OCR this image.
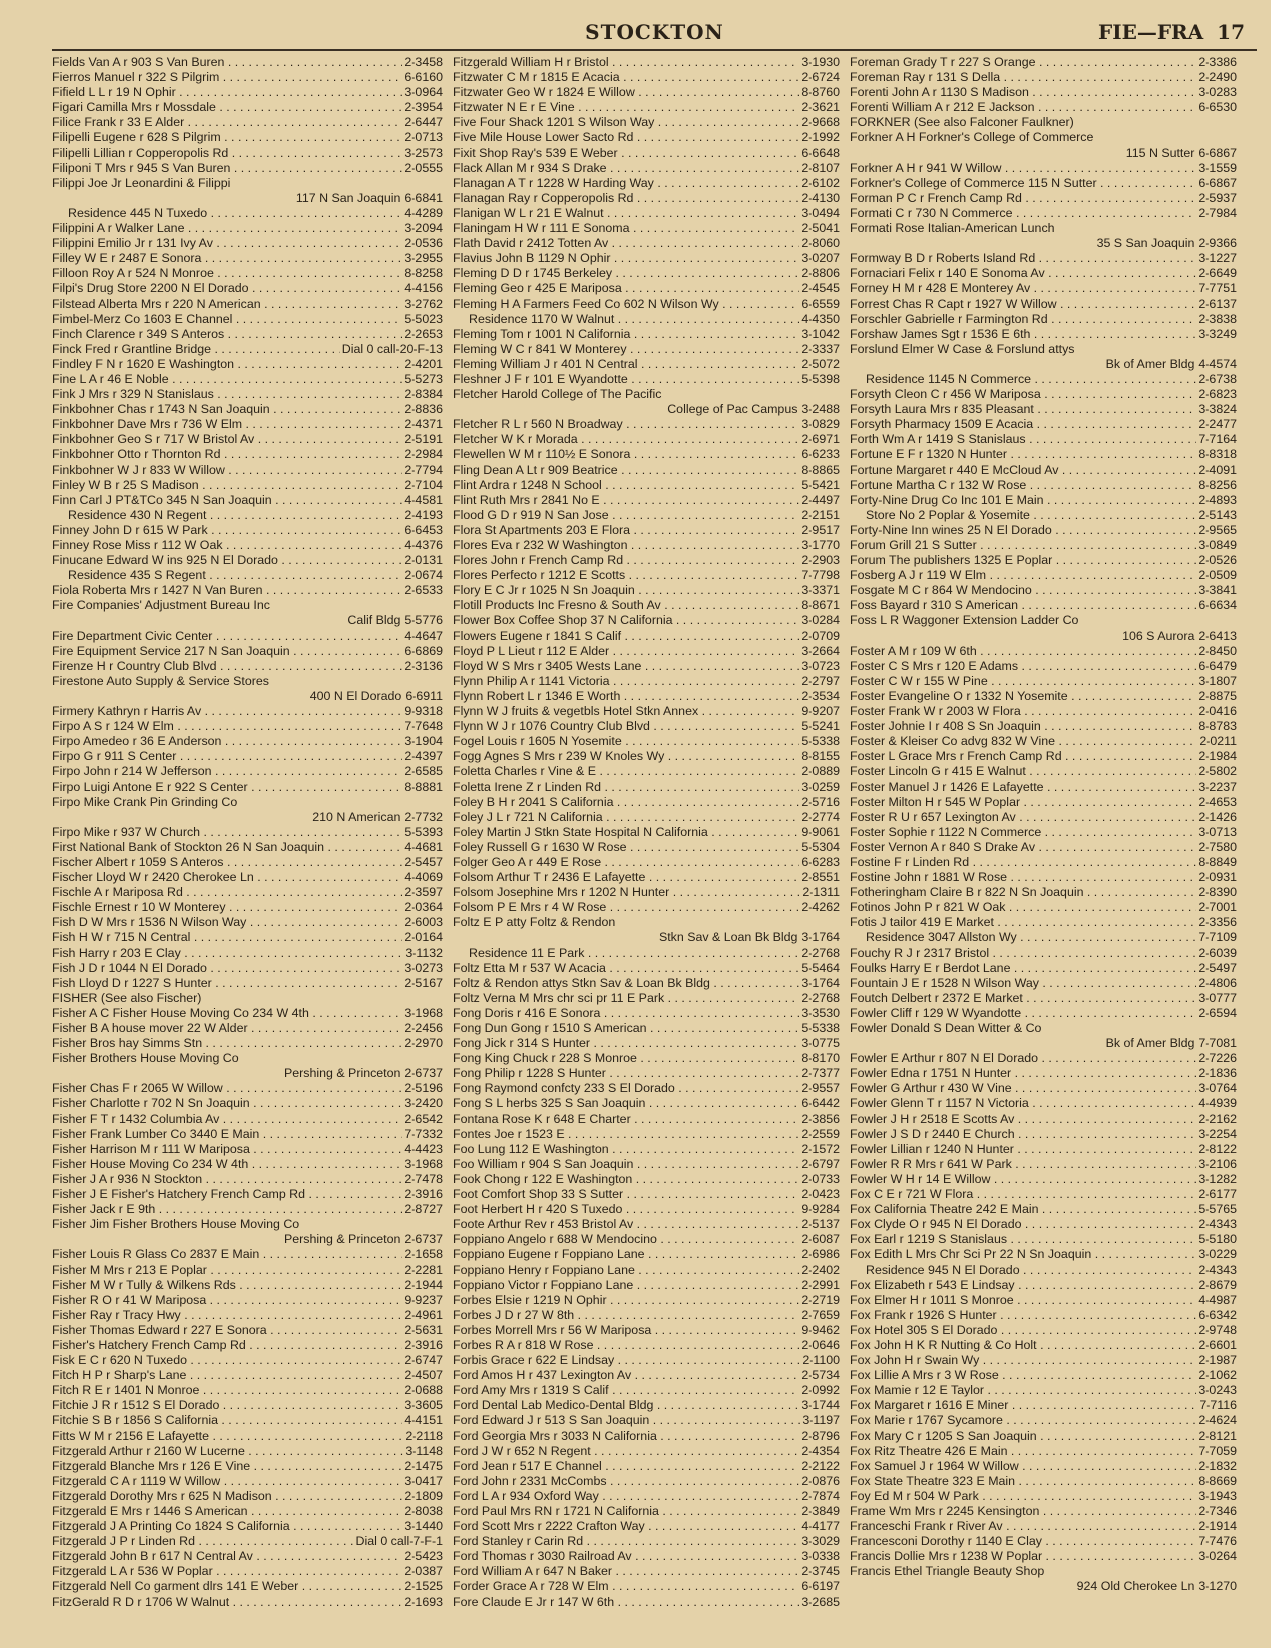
STOCKTON	FIE—FRA 17
Fields Van A r 903 S Van Buren . . .	2-3458
Fierros Manuel r 322 S Pilgrim . . .	6-6160
Fifield L L r 19 N Ophir . . .	3-0964
Figari Camilla Mrs r Mossdale . . .	2-3954
Filice Frank r 33 E Alder . . .	2-6447
Filipelli Eugene r 628 S Pilgrim . . .	2-0713
Filipelli Lillian r Copperopolis Rd . . .	3-2573
Filiponi T Mrs r 945 S Van Buren . . .	2-0555
Filippi Joe Jr Leonardini & Filippi
117 N San Joaquin 6-6841
Residence 445 N Tuxedo . . .	4-4289
Filippini A r Walker Lane . . .	3-2094
Filippini Emilio Jr r 131 Ivy Av . . .	2-0536
Filley W E r 2487 E Sonora . . .	3-2955
Filloon Roy A r 524 N Monroe . . .	8-8258
Filpi's Drug Store 2200 N El Dorado . . .	4-4156
Filstead Alberta Mrs r 220 N American . . .	3-2762
Fimbel-Merz Co 1603 E Channel . . .	5-5023
Finch Clarence r 349 S Anteros . . .	2-2653
Finck Fred r Grantline Bridge . . .	Dial 0 call-20-F-13
Findley F N r 1620 E Washington . . .	2-4201
Fine L A r 46 E Noble . . .	5-5273
Fink J Mrs r 329 N Stanislaus . . .	2-8384
Finkbohner Chas r 1743 N San Joaquin . . .	2-8836
Finkbohner Dave Mrs r 736 W Elm . . .	2-4371
Finkbohner Geo S r 717 W Bristol Av . . .	2-5191
Finkbohner Otto r Thornton Rd . . .	2-2984
Finkbohner W J r 833 W Willow . . .	2-7794
Finley W B r 25 S Madison . . .	2-7104
Finn Carl J PT&TCo 345 N San Joaquin . . .	4-4581
Residence 430 N Regent . . .	2-4193
Finney John D r 615 W Park . . .	6-6453
Finney Rose Miss r 112 W Oak . . .	4-4376
Finucane Edward W ins 925 N El Dorado . . .	2-0131
Residence 435 S Regent . . .	2-0674
Fiola Roberta Mrs r 1427 N Van Buren . . .	2-6533
Fire Companies' Adjustment Bureau Inc
Calif Bldg 5-5776
Fire Department Civic Center . . .	4-4647
Fire Equipment Service 217 N San Joaquin . . .	6-6869
Firenze H r Country Club Blvd . . .	2-3136
Firestone Auto Supply & Service Stores
400 N El Dorado 6-6911
Firmery Kathryn r Harris Av . . .	9-9318
Firpo A S r 124 W Elm . . .	7-7648
Firpo Amedeo r 36 E Anderson . . .	3-1904
Firpo G r 911 S Center . . .	2-4397
Firpo John r 214 W Jefferson . . .	2-6585
Firpo Luigi Antone E r 922 S Center . . .	8-8881
Firpo Mike Crank Pin Grinding Co
210 N American 2-7732
Firpo Mike r 937 W Church . . .	5-5393
First National Bank of Stockton 26 N San Joaquin . . .	4-4681
Fischer Albert r 1059 S Anteros . . .	2-5457
Fischer Lloyd W r 2420 Cherokee Ln . . .	4-4069
Fischle A r Mariposa Rd . . .	2-3597
Fischle Ernest r 10 W Monterey . . .	2-0364
Fish D W Mrs r 1536 N Wilson Way . . .	2-6003
Fish H W r 715 N Central . . .	2-0164
Fish Harry r 203 E Clay . . .	3-1132
Fish J D r 1044 N El Dorado . . .	3-0273
Fish Lloyd D r 1227 S Hunter . . .	2-5167
FISHER (See also Fischer)
Fisher A C Fisher House Moving Co 234 W 4th . . .	3-1968
Fisher B A house mover 22 W Alder . . .	2-2456
Fisher Bros hay Simms Stn . . .	2-2970
Fisher Brothers House Moving Co
Pershing & Princeton 2-6737
Fisher Chas F r 2065 W Willow . . .	2-5196
Fisher Charlotte r 702 N Sn Joaquin . . .	3-2420
Fisher F T r 1432 Columbia Av . . .	2-6542
Fisher Frank Lumber Co 3440 E Main . . .	7-7332
Fisher Harrison M r 111 W Mariposa . . .	4-4423
Fisher House Moving Co 234 W 4th . . .	3-1968
Fisher J A r 936 N Stockton . . .	2-7478
Fisher J E Fisher's Hatchery French Camp Rd . . .	2-3916
Fisher Jack r E 9th . . .	2-8727
Fisher Jim Fisher Brothers House Moving Co
Pershing & Princeton 2-6737
Fisher Louis R Glass Co 2837 E Main . . .	2-1658
Fisher M Mrs r 213 E Poplar . . .	2-2281
Fisher M W r Tully & Wilkens Rds . . .	2-1944
Fisher R O r 41 W Mariposa . . .	9-9237
Fisher Ray r Tracy Hwy . . .	2-4961
Fisher Thomas Edward r 227 E Sonora . . .	2-5631
Fisher's Hatchery French Camp Rd . . .	2-3916
Fisk E C r 620 N Tuxedo . . .	2-6747
Fitch H P r Sharp's Lane . . .	2-4507
Fitch R E r 1401 N Monroe . . .	2-0688
Fitchie J R r 1512 S El Dorado . . .	3-3605
Fitchie S B r 1856 S California . . .	4-4151
Fitts W M r 2156 E Lafayette . . .	2-2118
Fitzgerald Arthur r 2160 W Lucerne . . .	3-1148
Fitzgerald Blanche Mrs r 126 E Vine . . .	2-1475
Fitzgerald C A r 1119 W Willow . . .	3-0417
Fitzgerald Dorothy Mrs r 625 N Madison . . .	2-1809
Fitzgerald E Mrs r 1446 S American . . .	2-8038
Fitzgerald J A Printing Co 1824 S California . . .	3-1440
Fitzgerald J P r Linden Rd . . .	Dial 0 call-7-F-1
Fitzgerald John B r 617 N Central Av . . .	2-5423
Fitzgerald L A r 536 W Poplar . . .	2-0387
Fitzgerald Nell Co garment dlrs 141 E Weber . . .	2-1525
FitzGerald R D r 1706 W Walnut . . .	2-1693
Fitzgerald William H r Bristol . . .	3-1930
Fitzwater C M r 1815 E Acacia . . .	2-6724
Fitzwater Geo W r 1824 E Willow . . .	8-8760
Fitzwater N E r E Vine . . .	2-3621
Five Four Shack 1201 S Wilson Way . . .	2-9668
Five Mile House Lower Sacto Rd . . .	2-1992
Fixit Shop Ray's 539 E Weber . . .	6-6648
Flack Allan M r 934 S Drake . . .	2-8107
Flanagan A T r 1228 W Harding Way . . .	2-6102
Flanagan Ray r Copperopolis Rd . . .	2-4130
Flanigan W L r 21 E Walnut . . .	3-0494
Flaningam H W r 111 E Sonoma . . .	2-5041
Flath David r 2412 Totten Av . . .	2-8060
Flavius John B 1129 N Ophir . . .	3-0207
Fleming D D r 1745 Berkeley . . .	2-8806
Fleming Geo r 425 E Mariposa . . .	2-4545
Fleming H A Farmers Feed Co 602 N Wilson Wy . . .	6-6559
Residence 1170 W Walnut . . .	4-4350
Fleming Tom r 1001 N California . . .	3-1042
Fleming W C r 841 W Monterey . . .	2-3337
Fleming William J r 401 N Central . . .	2-5072
Fleshner J F r 101 E Wyandotte . . .	5-5398
Fletcher Harold College of The Pacific
College of Pac Campus 3-2488
Fletcher R L r 560 N Broadway . . .	3-0829
Fletcher W K r Morada . . .	2-6971
Flewellen W M r 110½ E Sonora . . .	6-6233
Fling Dean A Lt r 909 Beatrice . . .	8-8865
Flint Ardra r 1248 N School . . .	5-5421
Flint Ruth Mrs r 2841 No E . . .	2-4497
Flood G D r 919 N San Jose . . .	2-2151
Flora St Apartments 203 E Flora . . .	2-9517
Flores Eva r 232 W Washington . . .	3-1770
Flores John r French Camp Rd . . .	2-2903
Flores Perfecto r 1212 E Scotts . . .	7-7798
Flory E C Jr r 1025 N Sn Joaquin . . .	3-3371
Flotill Products Inc Fresno & South Av . . .	8-8671
Flower Box Coffee Shop 37 N California . . .	3-0284
Flowers Eugene r 1841 S Calif . . .	2-0709
Floyd P L Lieut r 112 E Alder . . .	3-2664
Floyd W S Mrs r 3405 Wests Lane . . .	3-0723
Flynn Philip A r 1141 Victoria . . .	2-2797
Flynn Robert L r 1346 E Worth . . .	2-3534
Flynn W J fruits & vegetbls Hotel Stkn Annex . . .	9-9207
Flynn W J r 1076 Country Club Blvd . . .	5-5241
Fogel Louis r 1605 N Yosemite . . .	5-5338
Fogg Agnes S Mrs r 239 W Knoles Wy . . .	8-8155
Foletta Charles r Vine & E . . .	2-0889
Foletta Irene Z r Linden Rd . . .	3-0259
Foley B H r 2041 S California . . .	2-5716
Foley J L r 721 N California . . .	2-2774
Foley Martin J Stkn State Hospital N California . . .	9-9061
Foley Russell G r 1630 W Rose . . .	5-5304
Folger Geo A r 449 E Rose . . .	6-6283
Folsom Arthur T r 2436 E Lafayette . . .	2-8551
Folsom Josephine Mrs r 1202 N Hunter . . .	2-1311
Folsom P E Mrs r 4 W Rose . . .	2-4262
Foltz E P atty Foltz & Rendon
Stkn Sav & Loan Bk Bldg 3-1764
Residence 11 E Park . . .	2-2768
Foltz Etta M r 537 W Acacia . . .	5-5464
Foltz & Rendon attys Stkn Sav & Loan Bk Bldg . . .	3-1764
Foltz Verna M Mrs chr sci pr 11 E Park . . .	2-2768
Fong Doris r 416 E Sonora . . .	3-3530
Fong Dun Gong r 1510 S American . . .	5-5338
Fong Jick r 314 S Hunter . . .	3-0775
Fong King Chuck r 228 S Monroe . . .	8-8170
Fong Philip r 1228 S Hunter . . .	2-7377
Fong Raymond confcty 233 S El Dorado . . .	2-9557
Fong S L herbs 325 S San Joaquin . . .	6-6442
Fontana Rose K r 648 E Charter . . .	2-3856
Fontes Joe r 1523 E . . .	2-2559
Foo Lung 112 E Washington . . .	2-1572
Foo William r 904 S San Joaquin . . .	2-6797
Fook Chong r 122 E Washington . . .	2-0733
Foot Comfort Shop 33 S Sutter . . .	2-0423
Foot Herbert H r 420 S Tuxedo . . .	9-9284
Foote Arthur Rev r 453 Bristol Av . . .	2-5137
Foppiano Angelo r 688 W Mendocino . . .	2-6087
Foppiano Eugene r Foppiano Lane . . .	2-6986
Foppiano Henry r Foppiano Lane . . .	2-2402
Foppiano Victor r Foppiano Lane . . .	2-2991
Forbes Elsie r 1219 N Ophir . . .	2-2719
Forbes J D r 27 W 8th . . .	2-7659
Forbes Morrell Mrs r 56 W Mariposa . . .	9-9462
Forbes R A r 818 W Rose . . .	2-0646
Forbis Grace r 622 E Lindsay . . .	2-1100
Ford Amos H r 437 Lexington Av . . .	2-5734
Ford Amy Mrs r 1319 S Calif . . .	2-0992
Ford Dental Lab Medico-Dental Bldg . . .	3-1744
Ford Edward J r 513 S San Joaquin . . .	3-1197
Ford Georgia Mrs r 3033 N California . . .	2-8796
Ford J W r 652 N Regent . . .	2-4354
Ford Jean r 517 E Channel . . .	2-2122
Ford John r 2331 McCombs . . .	2-0876
Ford L A r 934 Oxford Way . . .	2-7874
Ford Paul Mrs RN r 1721 N California . . .	2-3849
Ford Scott Mrs r 2222 Crafton Way . . .	4-4177
Ford Stanley r Carin Rd . . .	3-3029
Ford Thomas r 3030 Railroad Av . . .	3-0338
Ford William A r 647 N Baker . . .	2-3745
Forder Grace A r 728 W Elm . . .	6-6197
Fore Claude E Jr r 147 W 6th . . .	3-2685
Foreman Grady T r 227 S Orange . . .	2-3386
Foreman Ray r 131 S Della . . .	2-2490
Forenti John A r 1130 S Madison . . .	3-0283
Forenti William A r 212 E Jackson . . .	6-6530
FORKNER (See also Falconer Faulkner)
Forkner A H Forkner's College of Commerce
115 N Sutter 6-6867
Forkner A H r 941 W Willow . . .	3-1559
Forkner's College of Commerce 115 N Sutter . . .	6-6867
Forman P C r French Camp Rd . . .	2-5937
Formati C r 730 N Commerce . . .	2-7984
Formati Rose Italian-American Lunch
35 S San Joaquin 2-9366
Formway B D r Roberts Island Rd . . .	3-1227
Fornaciari Felix r 140 E Sonoma Av . . .	2-6649
Forney H M r 428 E Monterey Av . . .	7-7751
Forrest Chas R Capt r 1927 W Willow . . .	2-6137
Forschler Gabrielle r Farmington Rd . . .	2-3838
Forshaw James Sgt r 1536 E 6th . . .	3-3249
Forslund Elmer W Case & Forslund attys
Bk of Amer Bldg 4-4574
Residence 1145 N Commerce . . .	2-6738
Forsyth Cleon C r 456 W Mariposa . . .	2-6823
Forsyth Laura Mrs r 835 Pleasant . . .	3-3824
Forsyth Pharmacy 1509 E Acacia . . .	2-2477
Forth Wm A r 1419 S Stanislaus . . .	7-7164
Fortune E F r 1320 N Hunter . . .	8-8318
Fortune Margaret r 440 E McCloud Av . . .	2-4091
Fortune Martha C r 132 W Rose . . .	8-8256
Forty-Nine Drug Co Inc 101 E Main . . .	2-4893
Store No 2 Poplar & Yosemite . . .	2-5143
Forty-Nine Inn wines 25 N El Dorado . . .	2-9565
Forum Grill 21 S Sutter . . .	3-0849
Forum The publishers 1325 E Poplar . . .	2-0526
Fosberg A J r 119 W Elm . . .	2-0509
Fosgate M C r 864 W Mendocino . . .	3-3841
Foss Bayard r 310 S American . . .	6-6634
Foss L R Waggoner Extension Ladder Co
106 S Aurora 2-6413
Foster A M r 109 W 6th . . .	2-8450
Foster C S Mrs r 120 E Adams . . .	6-6479
Foster C W r 155 W Pine . . .	3-1807
Foster Evangeline O r 1332 N Yosemite . . .	2-8875
Foster Frank W r 2003 W Flora . . .	2-0416
Foster Johnie I r 408 S Sn Joaquin . . .	8-8783
Foster & Kleiser Co advg 832 W Vine . . .	2-0211
Foster L Grace Mrs r French Camp Rd . . .	2-1984
Foster Lincoln G r 415 E Walnut . . .	2-5802
Foster Manuel J r 1426 E Lafayette . . .	3-2237
Foster Milton H r 545 W Poplar . . .	2-4653
Foster R U r 657 Lexington Av . . .	2-1426
Foster Sophie r 1122 N Commerce . . .	3-0713
Foster Vernon A r 840 S Drake Av . . .	2-7580
Fostine F r Linden Rd . . .	8-8849
Fostine John r 1881 W Rose . . .	2-0931
Fotheringham Claire B r 822 N Sn Joaquin . . .	2-8390
Fotinos John P r 821 W Oak . . .	2-7001
Fotis J tailor 419 E Market . . .	2-3356
Residence 3047 Allston Wy . . .	7-7109
Fouchy R J r 2317 Bristol . . .	2-6039
Foulks Harry E r Berdot Lane . . .	2-5497
Fountain J E r 1528 N Wilson Way . . .	2-4806
Foutch Delbert r 2372 E Market . . .	3-0777
Fowler Cliff r 129 W Wyandotte . . .	2-6594
Fowler Donald S Dean Witter & Co
Bk of Amer Bldg 7-7081
Fowler E Arthur r 807 N El Dorado . . .	2-7226
Fowler Edna r 1751 N Hunter . . .	2-1836
Fowler G Arthur r 430 W Vine . . .	3-0764
Fowler Glenn T r 1157 N Victoria . . .	4-4939
Fowler J H r 2518 E Scotts Av . . .	2-2162
Fowler J S D r 2440 E Church . . .	3-2254
Fowler Lillian r 1240 N Hunter . . .	2-8122
Fowler R R Mrs r 641 W Park . . .	3-2106
Fowler W H r 14 E Willow . . .	3-1282
Fox C E r 721 W Flora . . .	2-6177
Fox California Theatre 242 E Main . . .	5-5765
Fox Clyde O r 945 N El Dorado . . .	2-4343
Fox Earl r 1219 S Stanislaus . . .	5-5180
Fox Edith L Mrs Chr Sci Pr 22 N Sn Joaquin . . .	3-0229
Residence 945 N El Dorado . . .	2-4343
Fox Elizabeth r 543 E Lindsay . . .	2-8679
Fox Elmer H r 1011 S Monroe . . .	4-4987
Fox Frank r 1926 S Hunter . . .	6-6342
Fox Hotel 305 S El Dorado . . .	2-9748
Fox John H K R Nutting & Co Holt . . .	2-6601
Fox John H r Swain Wy . . .	2-1987
Fox Lillie A Mrs r 3 W Rose . . .	2-1062
Fox Mamie r 12 E Taylor . . .	3-0243
Fox Margaret r 1616 E Miner . . .	7-7116
Fox Marie r 1767 Sycamore . . .	2-4624
Fox Mary C r 1205 S San Joaquin . . .	2-8121
Fox Ritz Theatre 426 E Main . . .	7-7059
Fox Samuel J r 1964 W Willow . . .	2-1832
Fox State Theatre 323 E Main . . .	8-8669
Foy Ed M r 504 W Park . . .	3-1943
Frame Wm Mrs r 2245 Kensington . . .	2-7346
Franceschi Frank r River Av . . .	2-1914
Francesconi Dorothy r 1140 E Clay . . .	7-7476
Francis Dollie Mrs r 1238 W Poplar . . .	3-0264
Francis Ethel Triangle Beauty Shop
924 Old Cherokee Ln 3-1270
